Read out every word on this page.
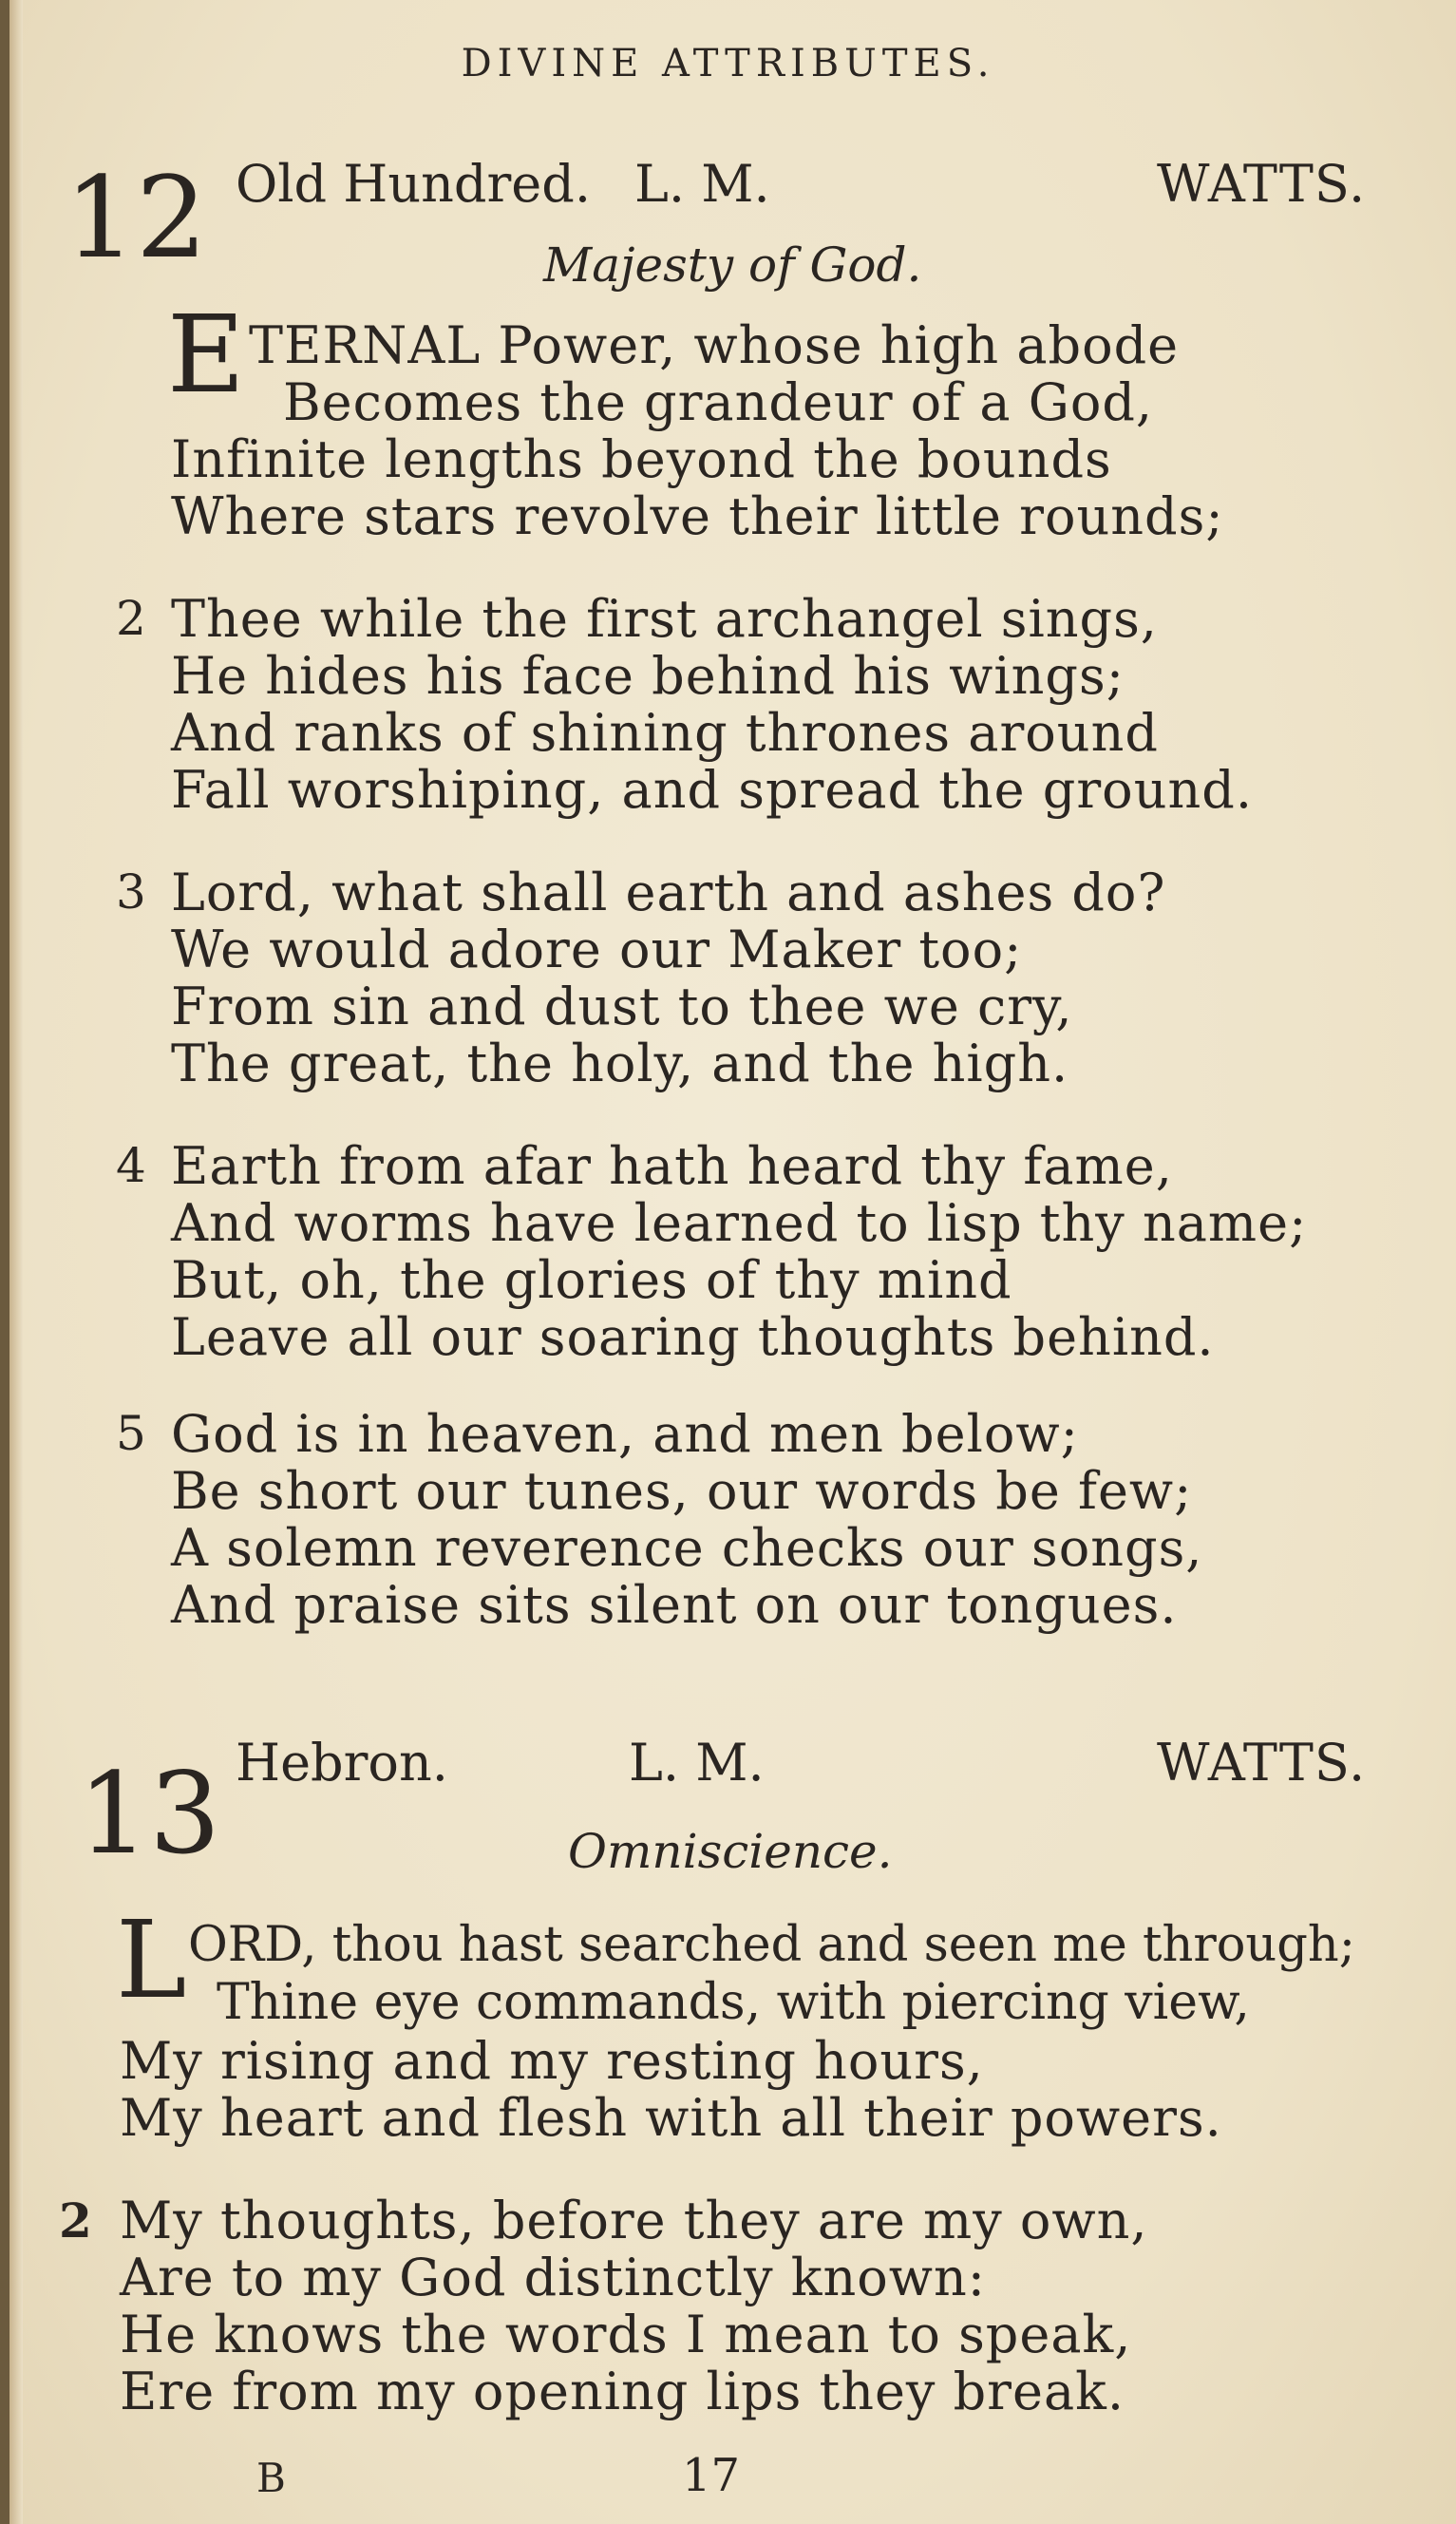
DIVINE ATTRIBUTES.
12 Old Hundred. L. M.	WATTS.
Majesty of God.
E TERNAL Power, whose high abode
Becomes the grandeur of a God,
Infinite lengths beyond the bounds
Where stars revolve their little rounds;
2 Thee while the first archangel sings,
He hides his face behind his wings;
And ranks of shining thrones around
Fall worshiping, and spread the ground.
3 Lord, what shall earth and ashes do?
We would adore our Maker too;
From sin and dust to thee we cry,
The great, the holy, and the high.
4 Earth from afar hath heard thy fame,
And worms have learned to lisp thy name;
But, oh, the glories of thy mind
Leave all our soaring thoughts behind.
5 God is in heaven, and men below;
Be short our tunes, our words be few;
A solemn reverence checks our songs,
And praise sits silent on our tongues.
13 Hebron.	L. M.	WATTS.
Omniscience.
L ORD, thou hast searched and seen me through;
Thine eye commands, with piercing view,
My rising and my resting hours,
My heart and flesh with all their powers.
2 My thoughts, before they are my own,
Are to my God distinctly known:
He knows the words I mean to speak,
Ere from my opening lips they break.
B	17
